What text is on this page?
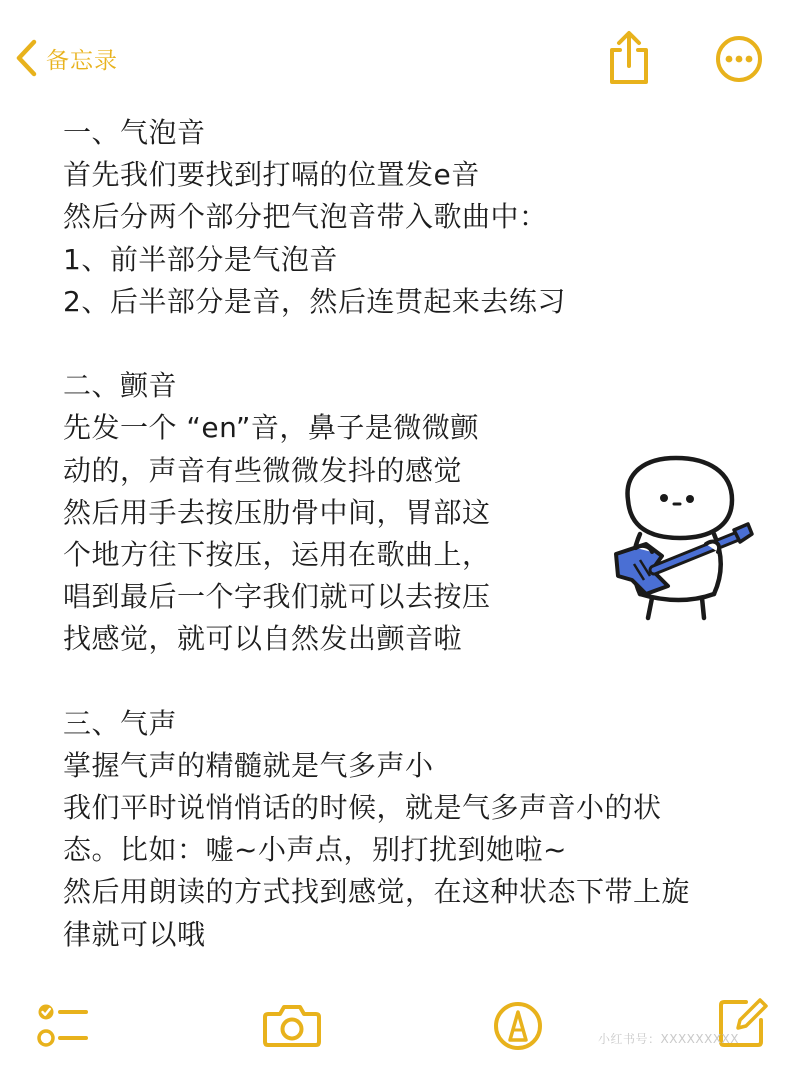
备忘录
一、气泡音
首先我们要找到打嗝的位置发e音
然后分两个部分把气泡音带入歌曲中：
1、前半部分是气泡音
2、后半部分是音，然后连贯起来去练习
二、颤音
先发一个 “en”音，鼻子是微微颤
动的，声音有些微微发抖的感觉
然后用手去按压肋骨中间，胃部这
个地方往下按压，运用在歌曲上，
唱到最后一个字我们就可以去按压
找感觉，就可以自然发出颤音啦
三、气声
掌握气声的精髓就是气多声小
我们平时说悄悄话的时候，就是气多声音小的状
态。比如：嘘~小声点，别打扰到她啦~
然后用朗读的方式找到感觉，在这种状态下带上旋
律就可以哦
小红书号：XXXXXXXXX
